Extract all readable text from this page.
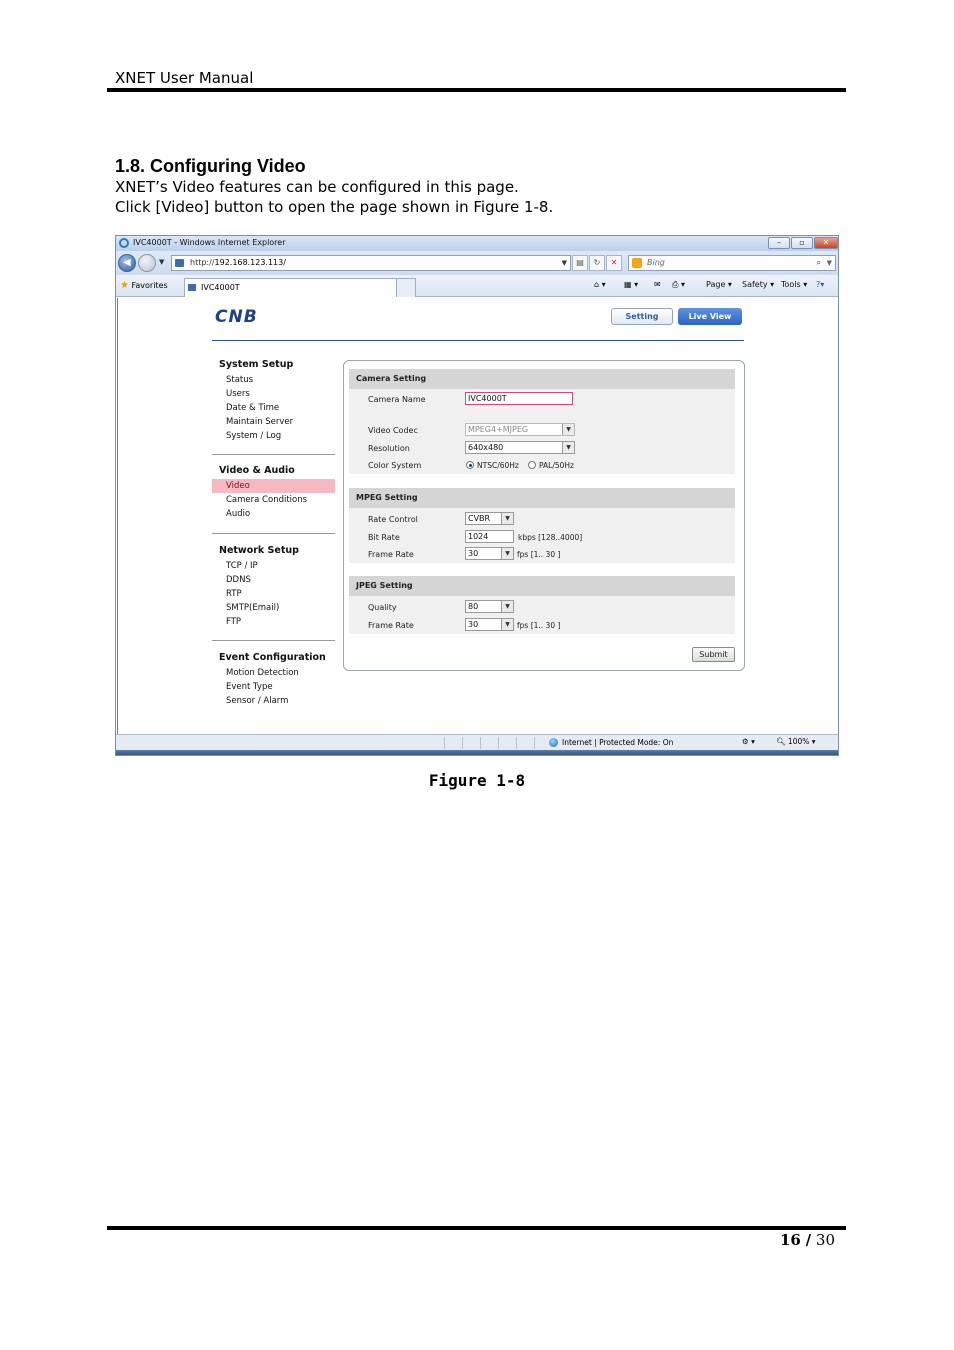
XNET User Manual
1.8. Configuring Video
XNET’s Video features can be configured in this page.
Click [Video] button to open the page shown in Figure 1-8.
IVC4000T - Windows Internet Explorer	–	▫	✕
◀	▼	http://192.168.123.113/	▼	▤	↻	✕	Bing	⌕ ▼
★ Favorites	IVC4000T	⌂ ▾ ▦ ▾ ✉ ⎙ ▾	Page ▾ Safety ▾ Tools ▾ ?▾
CNB	Setting	Live View
System Setup
Status
Users
Date & Time
Maintain Server
System / Log
Video & Audio
Video
Camera Conditions
Audio
Network Setup
TCP / IP
DDNS
RTP
SMTP(Email)
FTP
Event Configuration
Motion Detection
Event Type
Sensor / Alarm
Camera Setting
Camera Name	IVC4000T
Video Codec	MPEG4+MJPEG	▼
Resolution	640x480	▼
Color System	NTSC/60Hz	PAL/50Hz
MPEG Setting
Rate Control	CVBR	▼
Bit Rate	1024	kbps [128..4000]
Frame Rate	30	▼ fps [1.. 30 ]
JPEG Setting
Quality	80	▼
Frame Rate	30	▼ fps [1.. 30 ]
Submit
Internet | Protected Mode: On	⚙ ▾	🔍︎ 100% ▾
Figure 1-8
16 / 30
